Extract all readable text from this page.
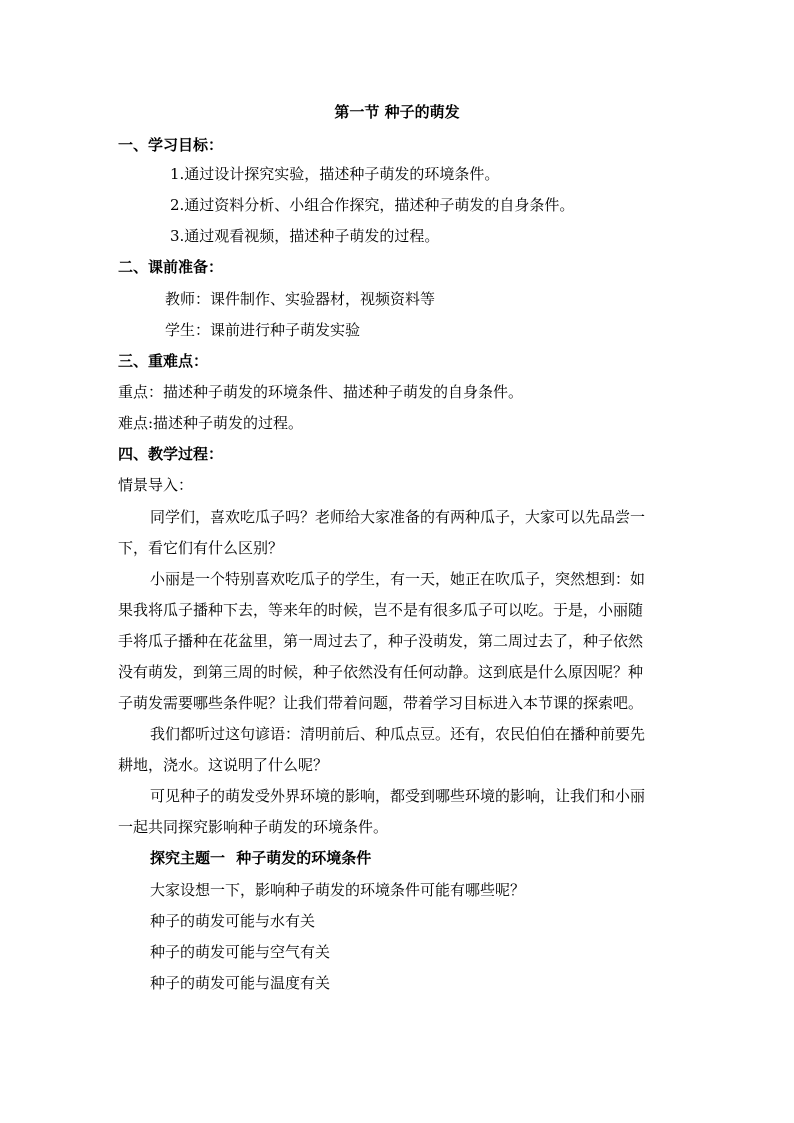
第一节 种子的萌发
一、学习目标：
1.通过设计探究实验，描述种子萌发的环境条件。
2.通过资料分析、小组合作探究，描述种子萌发的自身条件。
3.通过观看视频，描述种子萌发的过程。
二、课前准备：
教师：课件制作、实验器材，视频资料等
学生：课前进行种子萌发实验
三、重难点：
重点：描述种子萌发的环境条件、描述种子萌发的自身条件。
难点:描述种子萌发的过程。
四、教学过程：
情景导入：
同学们，喜欢吃瓜子吗？老师给大家准备的有两种瓜子，大家可以先品尝一
下，看它们有什么区别？
小丽是一个特别喜欢吃瓜子的学生，有一天，她正在吹瓜子，突然想到：如
果我将瓜子播种下去，等来年的时候，岂不是有很多瓜子可以吃。于是，小丽随
手将瓜子播种在花盆里，第一周过去了，种子没萌发，第二周过去了，种子依然
没有萌发，到第三周的时候，种子依然没有任何动静。这到底是什么原因呢？种
子萌发需要哪些条件呢？让我们带着问题，带着学习目标进入本节课的探索吧。
我们都听过这句谚语：清明前后、种瓜点豆。还有，农民伯伯在播种前要先
耕地，浇水。这说明了什么呢？
可见种子的萌发受外界环境的影响，都受到哪些环境的影响，让我们和小丽
一起共同探究影响种子萌发的环境条件。
探究主题一 种子萌发的环境条件
大家设想一下，影响种子萌发的环境条件可能有哪些呢？
种子的萌发可能与水有关
种子的萌发可能与空气有关
种子的萌发可能与温度有关
